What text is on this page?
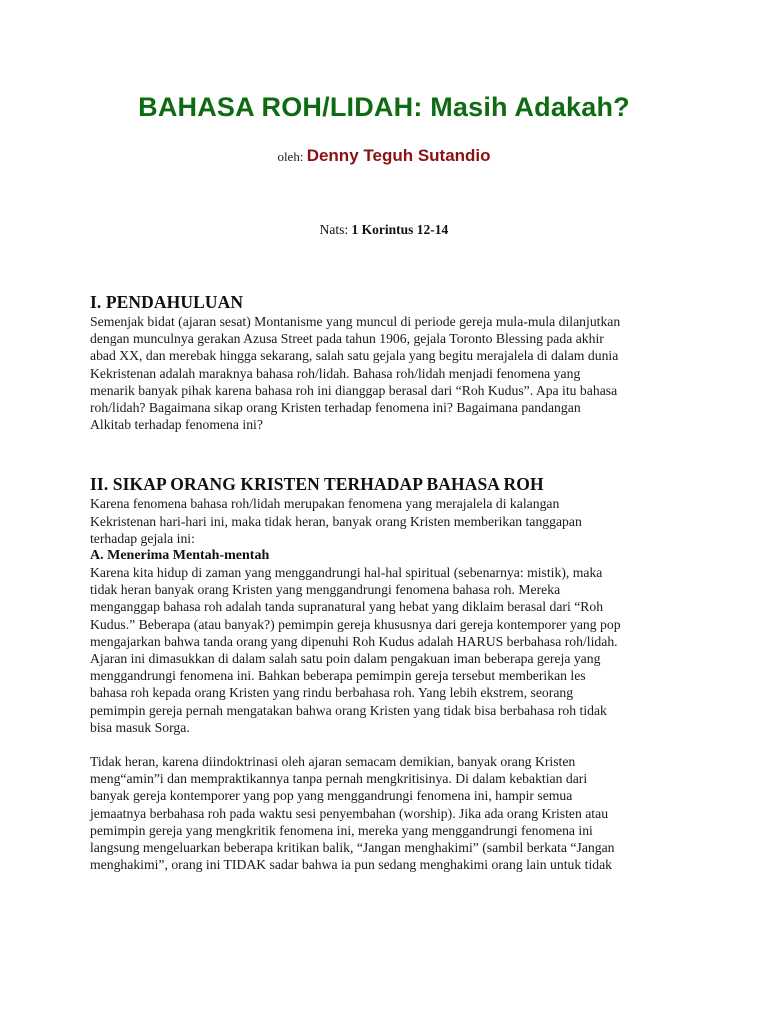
BAHASA ROH/LIDAH: Masih Adakah?

oleh: Denny Teguh Sutandio

Nats: 1 Korintus 12-14

I. PENDAHULUAN
Semenjak bidat (ajaran sesat) Montanisme yang muncul di periode gereja mula-mula dilanjutkan
dengan munculnya gerakan Azusa Street pada tahun 1906, gejala Toronto Blessing pada akhir
abad XX, dan merebak hingga sekarang, salah satu gejala yang begitu merajalela di dalam dunia
Kekristenan adalah maraknya bahasa roh/lidah. Bahasa roh/lidah menjadi fenomena yang
menarik banyak pihak karena bahasa roh ini dianggap berasal dari “Roh Kudus”. Apa itu bahasa
roh/lidah? Bagaimana sikap orang Kristen terhadap fenomena ini? Bagaimana pandangan
Alkitab terhadap fenomena ini?
II. SIKAP ORANG KRISTEN TERHADAP BAHASA ROH
Karena fenomena bahasa roh/lidah merupakan fenomena yang merajalela di kalangan
Kekristenan hari-hari ini, maka tidak heran, banyak orang Kristen memberikan tanggapan
terhadap gejala ini:
A. Menerima Mentah-mentah
Karena kita hidup di zaman yang menggandrungi hal-hal spiritual (sebenarnya: mistik), maka
tidak heran banyak orang Kristen yang menggandrungi fenomena bahasa roh. Mereka
menganggap bahasa roh adalah tanda supranatural yang hebat yang diklaim berasal dari “Roh
Kudus.” Beberapa (atau banyak?) pemimpin gereja khususnya dari gereja kontemporer yang pop
mengajarkan bahwa tanda orang yang dipenuhi Roh Kudus adalah HARUS berbahasa roh/lidah.
Ajaran ini dimasukkan di dalam salah satu poin dalam pengakuan iman beberapa gereja yang
menggandrungi fenomena ini. Bahkan beberapa pemimpin gereja tersebut memberikan les
bahasa roh kepada orang Kristen yang rindu berbahasa roh. Yang lebih ekstrem, seorang
pemimpin gereja pernah mengatakan bahwa orang Kristen yang tidak bisa berbahasa roh tidak
bisa masuk Sorga.
Tidak heran, karena diindoktrinasi oleh ajaran semacam demikian, banyak orang Kristen
meng“amin”i dan mempraktikannya tanpa pernah mengkritisinya. Di dalam kebaktian dari
banyak gereja kontemporer yang pop yang menggandrungi fenomena ini, hampir semua
jemaatnya berbahasa roh pada waktu sesi penyembahan (worship). Jika ada orang Kristen atau
pemimpin gereja yang mengkritik fenomena ini, mereka yang menggandrungi fenomena ini
langsung mengeluarkan beberapa kritikan balik, “Jangan menghakimi” (sambil berkata “Jangan
menghakimi”, orang ini TIDAK sadar bahwa ia pun sedang menghakimi orang lain untuk tidak
